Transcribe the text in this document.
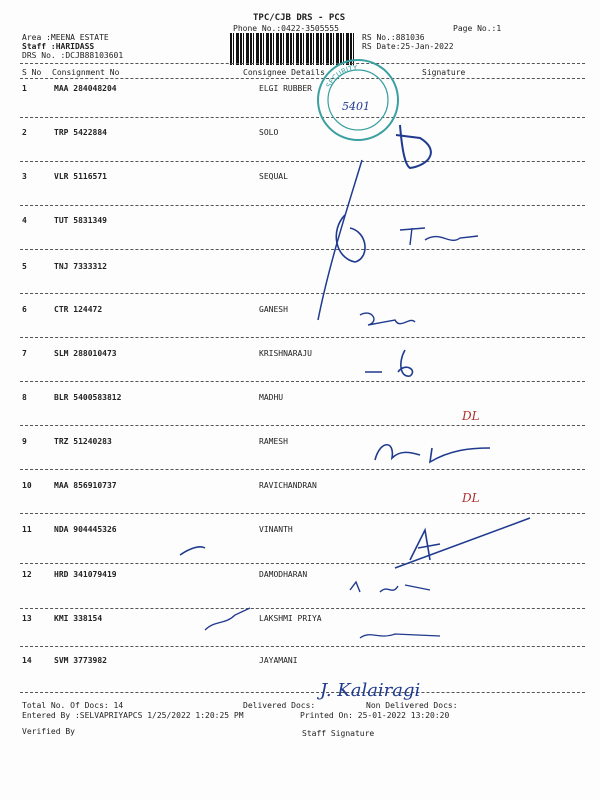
TPC/CJB DRS - PCS
Phone No.:0422-3505555	Page No.:1
Area :MEENA ESTATE
Staff :HARIDASS
DRS No. :DCJB88103601
RS No.:881036
RS Date:25-Jan-2022
S No Consignment No	Consignee Details	Signature
1	MAA 284048204	ELGI RUBBER
2	TRP 5422884	SOLO
3	VLR 5116571	SEQUAL
4	TUT 5831349
5	TNJ 7333312
6	CTR 124472	GANESH
7	SLM 288010473	KRISHNARAJU
8	BLR 5400583812	MADHU
9	TRZ 51240283	RAMESH
10	MAA 856910737	RAVICHANDRAN
11	NDA 904445326	VINANTH
12	HRD 341079419	DAMODHARAN
13	KMI 338154	LAKSHMI PRIYA
14	SVM 3773982	JAYAMANI
Total No. Of Docs: 14	Delivered Docs:	Non Delivered Docs:
Entered By :SELVAPRIYAPCS 1/25/2022 1:20:25 PM	Printed On: 25-01-2022 13:20:20
Verified By	Staff Signature
SECURITY
5401
DL
DL
J. Kalairagi
